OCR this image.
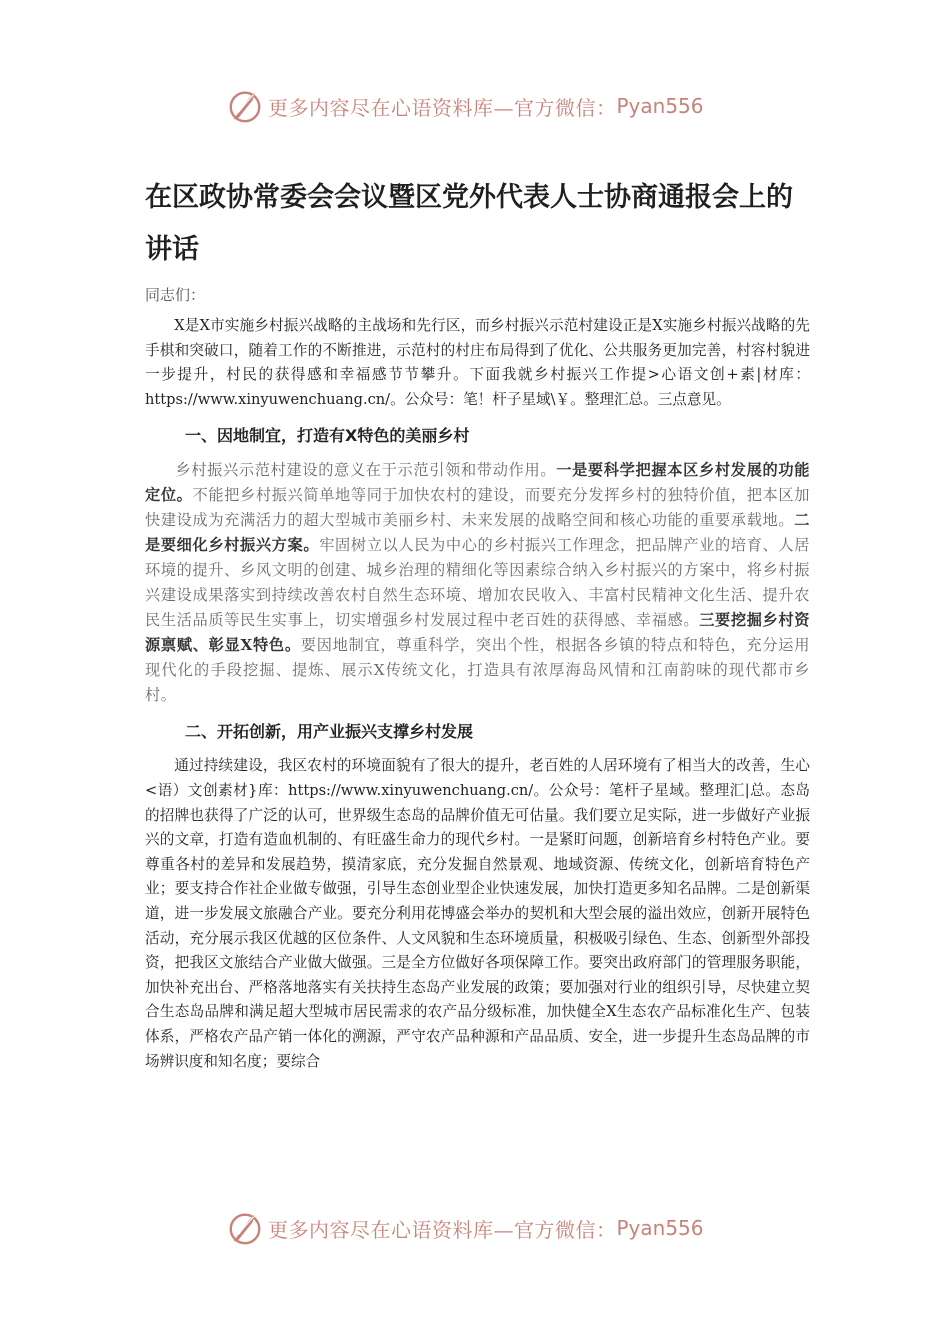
更多内容尽在心语资料库—官方微信： Pyan556
在区政协常委会会议暨区党外代表人士协商通报会上的讲话
同志们：

X是X市实施乡村振兴战略的主战场和先行区，而乡村振兴示范村建设正是X实施乡村振兴战略的先手棋和突破口，随着工作的不断推进，示范村的村庄布局得到了优化、公共服务更加完善，村容村貌进一步提升，村民的获得感和幸福感节节攀升。下面我就乡村振兴工作提>心语文创+素|材库：https://www.xinyuwenchuang.cn/。公众号：笔！杆子星域\￥。整理汇总。三点意见。

一、因地制宜，打造有X特色的美丽乡村

乡村振兴示范村建设的意义在于示范引领和带动作用。一是要科学把握本区乡村发展的功能定位。不能把乡村振兴简单地等同于加快农村的建设，而要充分发挥乡村的独特价值，把本区加快建设成为充满活力的超大型城市美丽乡村、未来发展的战略空间和核心功能的重要承载地。二是要细化乡村振兴方案。牢固树立以人民为中心的乡村振兴工作理念，把品牌产业的培育、人居环境的提升、乡风文明的创建、城乡治理的精细化等因素综合纳入乡村振兴的方案中，将乡村振兴建设成果落实到持续改善农村自然生态环境、增加农民收入、丰富村民精神文化生活、提升农民生活品质等民生实事上，切实增强乡村发展过程中老百姓的获得感、幸福感。三要挖掘乡村资源禀赋、彰显X特色。要因地制宜，尊重科学，突出个性，根据各乡镇的特点和特色，充分运用现代化的手段挖掘、提炼、展示X传统文化，打造具有浓厚海岛风情和江南韵味的现代都市乡村。

二、开拓创新，用产业振兴支撑乡村发展

通过持续建设，我区农村的环境面貌有了很大的提升，老百姓的人居环境有了相当大的改善，生心<语）文创素材}库：https://www.xinyuwenchuang.cn/。公众号：笔杆子星域。整理汇|总。态岛的招牌也获得了广泛的认可，世界级生态岛的品牌价值无可估量。我们要立足实际，进一步做好产业振兴的文章，打造有造血机制的、有旺盛生命力的现代乡村。一是紧盯问题，创新培育乡村特色产业。要尊重各村的差异和发展趋势，摸清家底，充分发掘自然景观、地域资源、传统文化，创新培育特色产业；要支持合作社企业做专做强，引导生态创业型企业快速发展，加快打造更多知名品牌。二是创新渠道，进一步发展文旅融合产业。要充分利用花博盛会举办的契机和大型会展的溢出效应，创新开展特色活动，充分展示我区优越的区位条件、人文风貌和生态环境质量，积极吸引绿色、生态、创新型外部投资，把我区文旅结合产业做大做强。三是全方位做好各项保障工作。要突出政府部门的管理服务职能，加快补充出台、严格落地落实有关扶持生态岛产业发展的政策；要加强对行业的组织引导，尽快建立契合生态岛品牌和满足超大型城市居民需求的农产品分级标准，加快健全X生态农产品标准化生产、包装体系，严格农产品产销一体化的溯源，严守农产品种源和产品品质、安全，进一步提升生态岛品牌的市场辨识度和知名度；要综合

更多内容尽在心语资料库—官方微信： Pyan556
